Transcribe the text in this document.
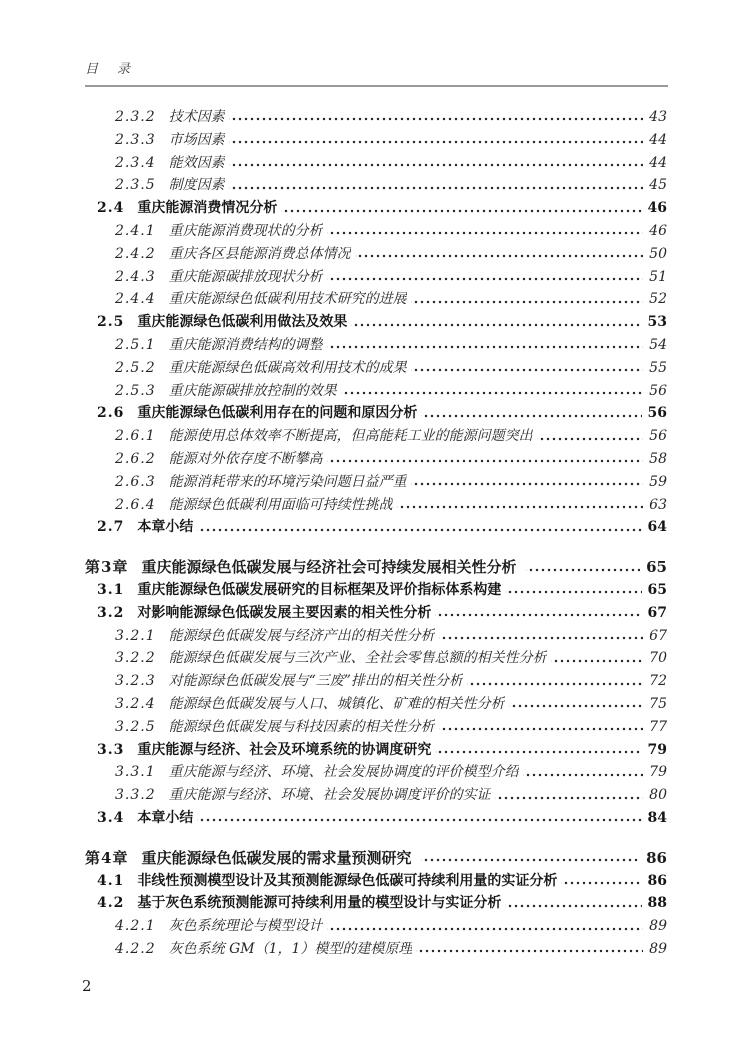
目　录
2.3.2 技术因素	43
2.3.3 市场因素	44
2.3.4 能效因素	44
2.3.5 制度因素	45
2.4 重庆能源消费情况分析	46
2.4.1 重庆能源消费现状的分析	46
2.4.2 重庆各区县能源消费总体情况	50
2.4.3 重庆能源碳排放现状分析	51
2.4.4 重庆能源绿色低碳利用技术研究的进展	52
2.5 重庆能源绿色低碳利用做法及效果	53
2.5.1 重庆能源消费结构的调整	54
2.5.2 重庆能源绿色低碳高效利用技术的成果	55
2.5.3 重庆能源碳排放控制的效果	56
2.6 重庆能源绿色低碳利用存在的问题和原因分析	56
2.6.1 能源使用总体效率不断提高，但高能耗工业的能源问题突出	56
2.6.2 能源对外依存度不断攀高	58
2.6.3 能源消耗带来的环境污染问题日益严重	59
2.6.4 能源绿色低碳利用面临可持续性挑战	63
2.7 本章小结	64
第3章 重庆能源绿色低碳发展与经济社会可持续发展相关性分析	65
3.1 重庆能源绿色低碳发展研究的目标框架及评价指标体系构建	65
3.2 对影响能源绿色低碳发展主要因素的相关性分析	67
3.2.1 能源绿色低碳发展与经济产出的相关性分析	67
3.2.2 能源绿色低碳发展与三次产业、全社会零售总额的相关性分析	70
3.2.3 对能源绿色低碳发展与“三废”排出的相关性分析	72
3.2.4 能源绿色低碳发展与人口、城镇化、矿难的相关性分析	75
3.2.5 能源绿色低碳发展与科技因素的相关性分析	77
3.3 重庆能源与经济、社会及环境系统的协调度研究	79
3.3.1 重庆能源与经济、环境、社会发展协调度的评价模型介绍	79
3.3.2 重庆能源与经济、环境、社会发展协调度评价的实证	80
3.4 本章小结	84
第4章 重庆能源绿色低碳发展的需求量预测研究	86
4.1 非线性预测模型设计及其预测能源绿色低碳可持续利用量的实证分析	86
4.2 基于灰色系统预测能源可持续利用量的模型设计与实证分析	88
4.2.1 灰色系统理论与模型设计	89
4.2.2 灰色系统 GM（1，1）模型的建模原理	89
2
